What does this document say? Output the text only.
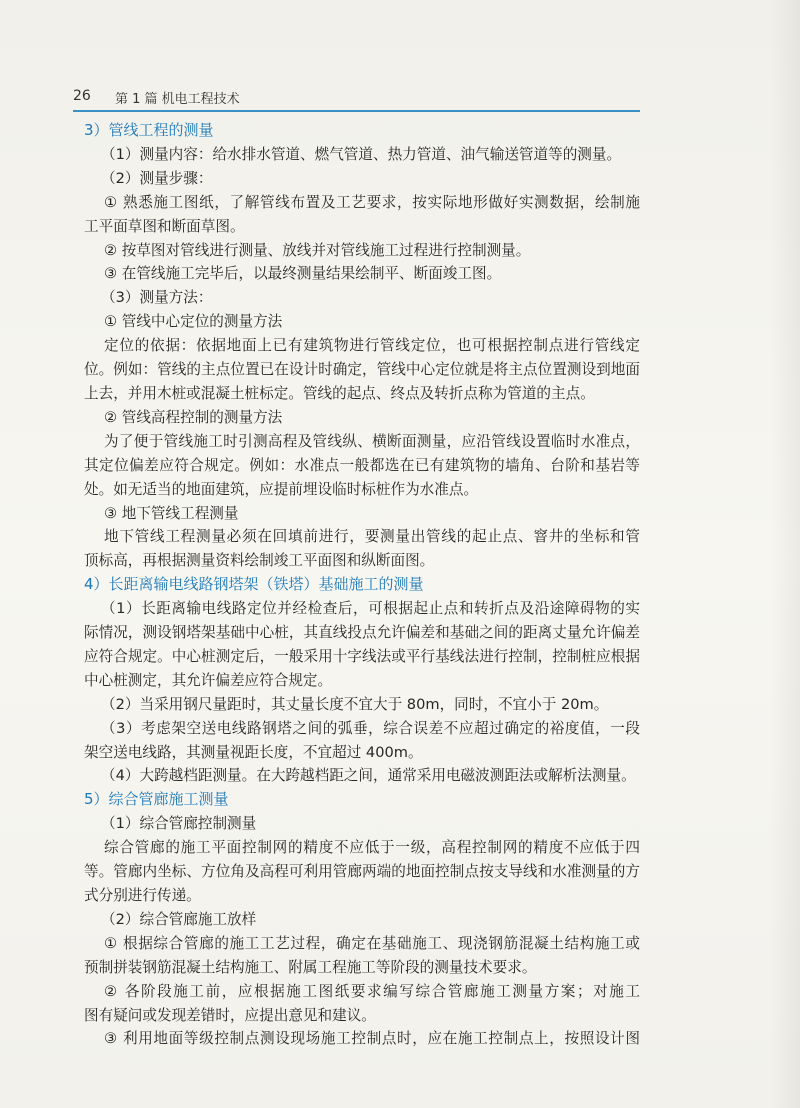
26 第 1 篇 机电工程技术

3）管线工程的测量

（1）测量内容：给水排水管道、燃气管道、热力管道、油气输送管道等的测量。

（2）测量步骤：

① 熟悉施工图纸，了解管线布置及工艺要求，按实际地形做好实测数据，绘制施

工平面草图和断面草图。

② 按草图对管线进行测量、放线并对管线施工过程进行控制测量。

③ 在管线施工完毕后，以最终测量结果绘制平、断面竣工图。

（3）测量方法：

① 管线中心定位的测量方法

定位的依据：依据地面上已有建筑物进行管线定位，也可根据控制点进行管线定

位。例如：管线的主点位置已在设计时确定，管线中心定位就是将主点位置测设到地面

上去，并用木桩或混凝土桩标定。管线的起点、终点及转折点称为管道的主点。

② 管线高程控制的测量方法

为了便于管线施工时引测高程及管线纵、横断面测量，应沿管线设置临时水准点，

其定位偏差应符合规定。例如：水准点一般都选在已有建筑物的墙角、台阶和基岩等

处。如无适当的地面建筑，应提前埋设临时标桩作为水准点。

③ 地下管线工程测量

地下管线工程测量必须在回填前进行，要测量出管线的起止点、窨井的坐标和管

顶标高，再根据测量资料绘制竣工平面图和纵断面图。

4）长距离输电线路钢塔架（铁塔）基础施工的测量

（1）长距离输电线路定位并经检查后，可根据起止点和转折点及沿途障碍物的实

际情况，测设钢塔架基础中心桩，其直线投点允许偏差和基础之间的距离丈量允许偏差

应符合规定。中心桩测定后，一般采用十字线法或平行基线法进行控制，控制桩应根据

中心桩测定，其允许偏差应符合规定。

（2）当采用钢尺量距时，其丈量长度不宜大于 80m，同时，不宜小于 20m。

（3）考虑架空送电线路钢塔之间的弧垂，综合误差不应超过确定的裕度值，一段

架空送电线路，其测量视距长度，不宜超过 400m。

（4）大跨越档距测量。在大跨越档距之间，通常采用电磁波测距法或解析法测量。

5）综合管廊施工测量

（1）综合管廊控制测量

综合管廊的施工平面控制网的精度不应低于一级，高程控制网的精度不应低于四

等。管廊内坐标、方位角及高程可利用管廊两端的地面控制点按支导线和水准测量的方

式分别进行传递。

（2）综合管廊施工放样

① 根据综合管廊的施工工艺过程，确定在基础施工、现浇钢筋混凝土结构施工或

预制拼装钢筋混凝土结构施工、附属工程施工等阶段的测量技术要求。

② 各阶段施工前，应根据施工图纸要求编写综合管廊施工测量方案；对施工

图有疑问或发现差错时，应提出意见和建议。

③ 利用地面等级控制点测设现场施工控制点时，应在施工控制点上，按照设计图
